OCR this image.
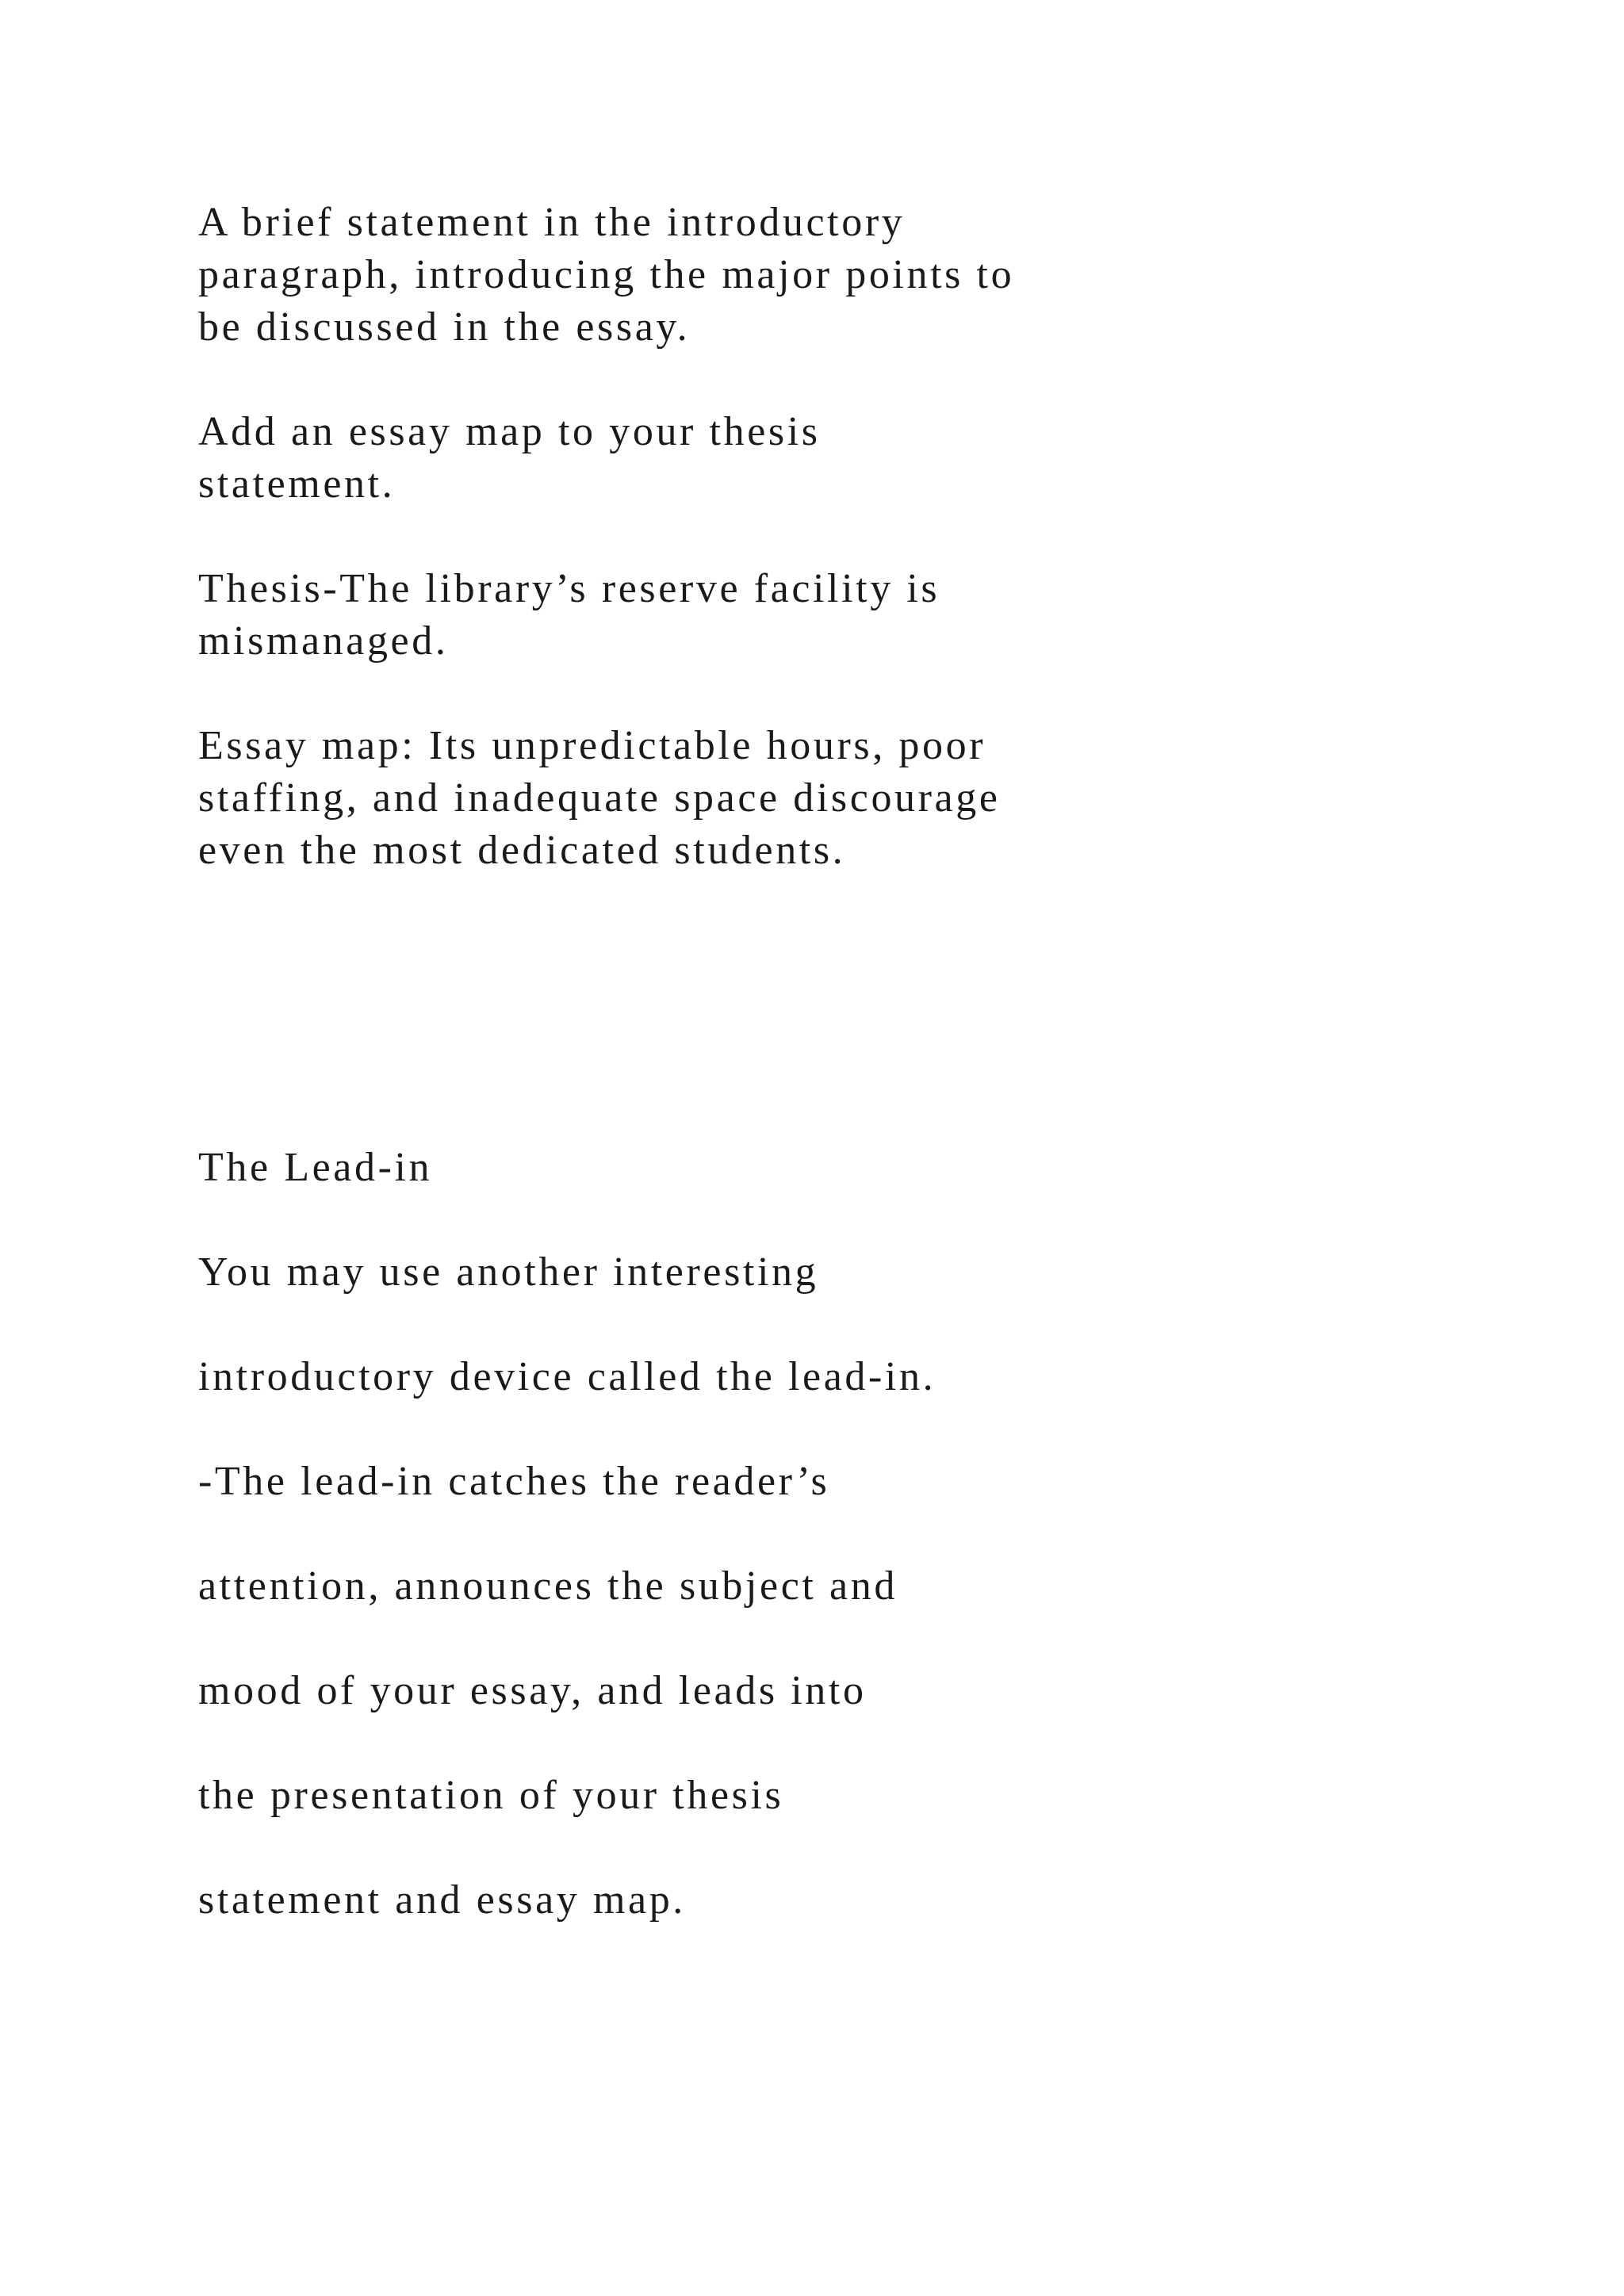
A brief statement in the introductory
paragraph, introducing the major points to
be discussed in the essay.

Add an essay map to your thesis
statement.

Thesis-The library’s reserve facility is
mismanaged.

Essay map: Its unpredictable hours, poor
staffing, and inadequate space discourage
even the most dedicated students.

The Lead-in

You may use another interesting

introductory device called the lead-in.

-The lead-in catches the reader’s

attention, announces the subject and

mood of your essay, and leads into

the presentation of your thesis

statement and essay map.
